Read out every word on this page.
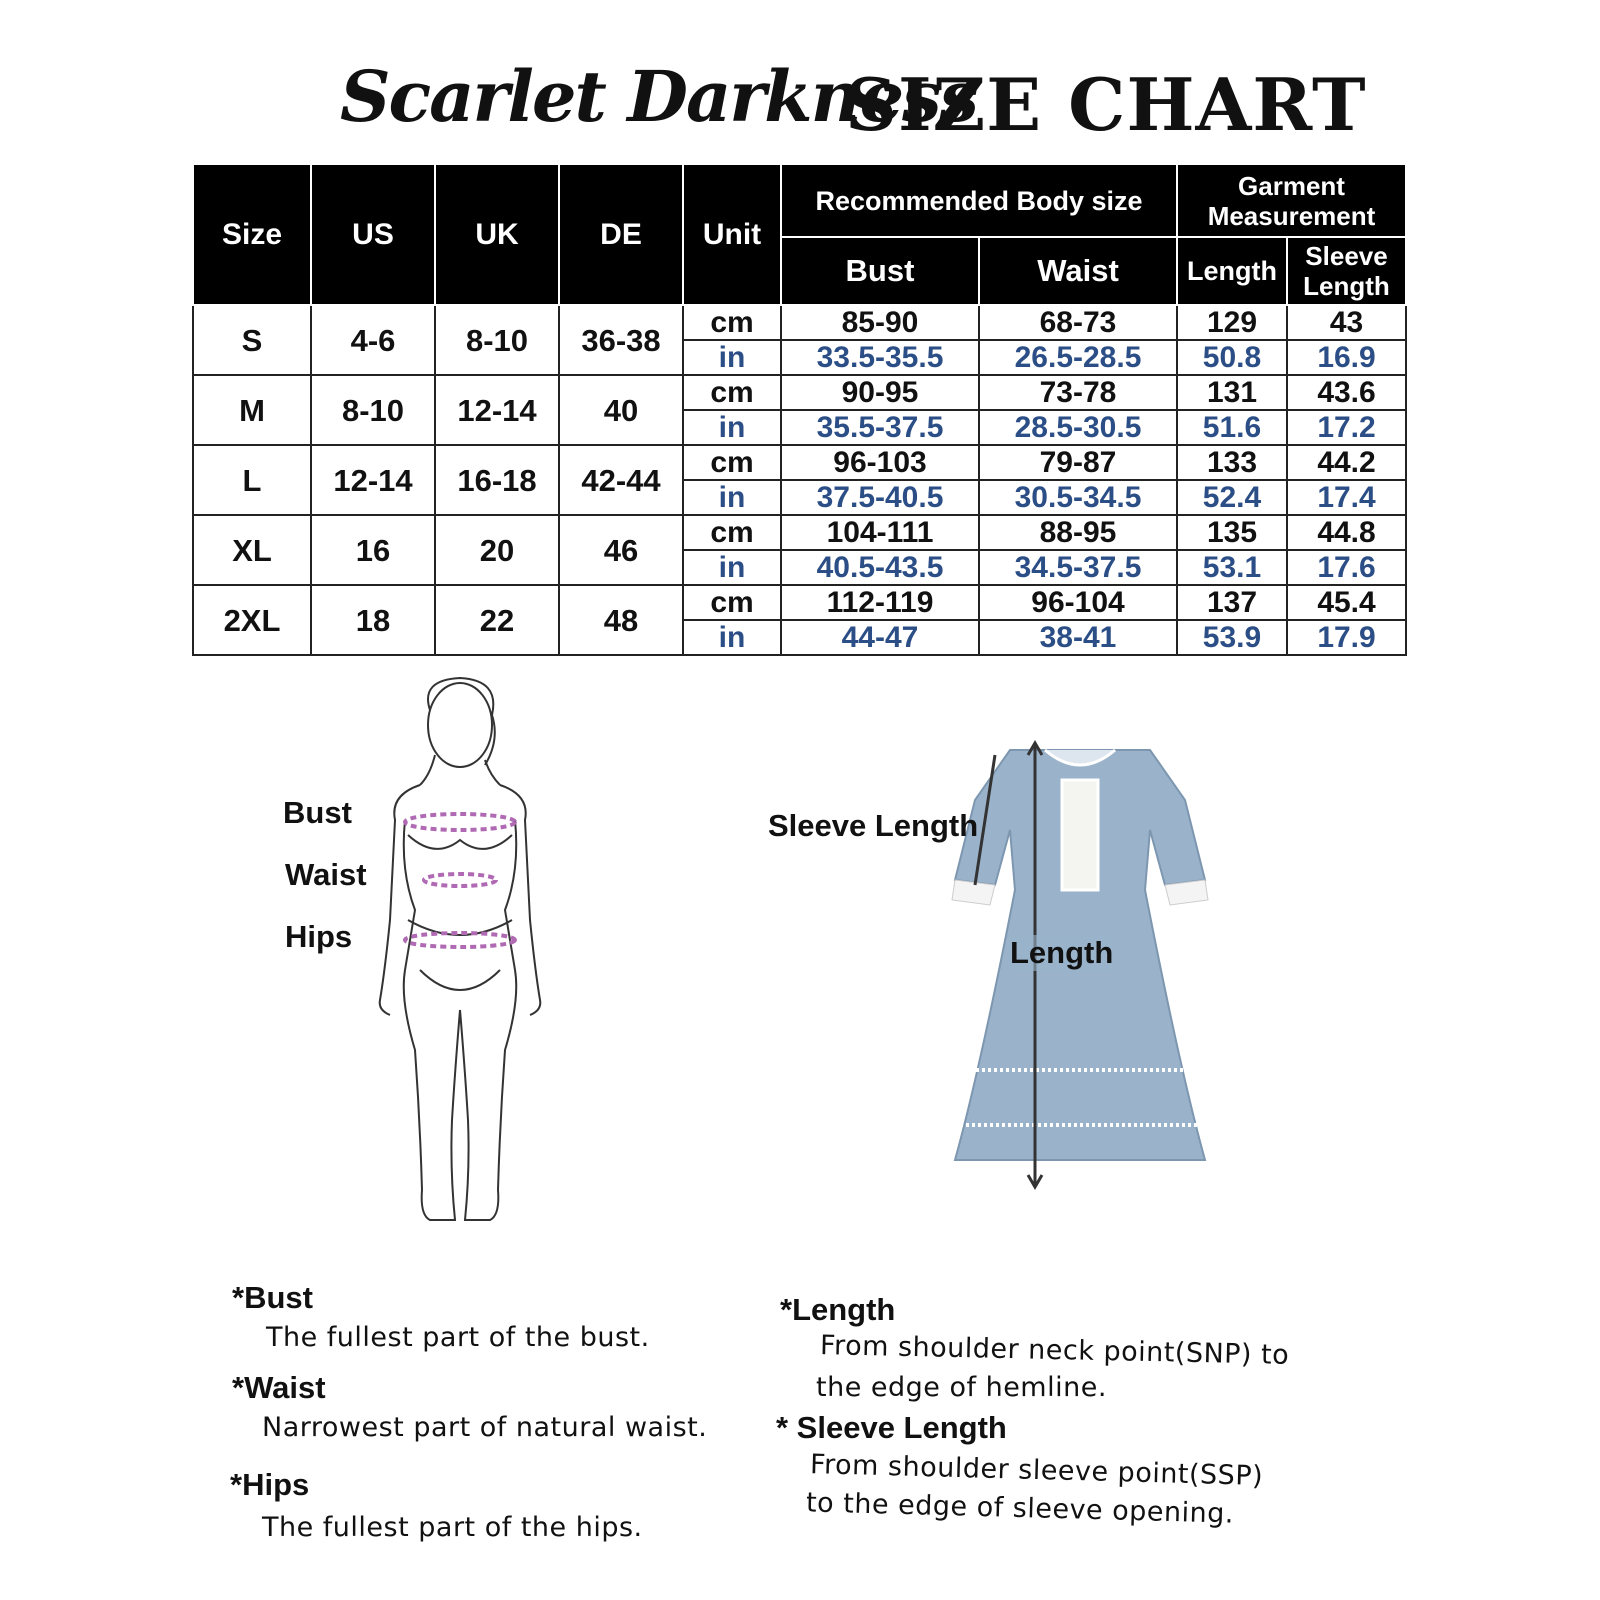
Scarlet Darkness
SIZE CHART
Size	US	UK	DE	Unit	Recommended Body size		Garment Measurement	
					Bust	Waist	Length	Sleeve Length
S	4-6	8-10	36-38	cm	85-90	68-73	129	43
				in	33.5-35.5	26.5-28.5	50.8	16.9
M	8-10	12-14	40	cm	90-95	73-78	131	43.6
				in	35.5-37.5	28.5-30.5	51.6	17.2
L	12-14	16-18	42-44	cm	96-103	79-87	133	44.2
				in	37.5-40.5	30.5-34.5	52.4	17.4
XL	16	20	46	cm	104-111	88-95	135	44.8
				in	40.5-43.5	34.5-37.5	53.1	17.6
2XL	18	22	48	cm	112-119	96-104	137	45.4
				in	44-47	38-41	53.9	17.9
Bust
Waist
Hips
Sleeve Length
Length
*Bust
The fullest part of the bust.
*Waist
Narrowest part of natural waist.
*Hips
The fullest part of the hips.
*Length
From shoulder neck point(SNP) to
the edge of hemline.
* Sleeve Length
From shoulder sleeve point(SSP)
to the edge of sleeve opening.
